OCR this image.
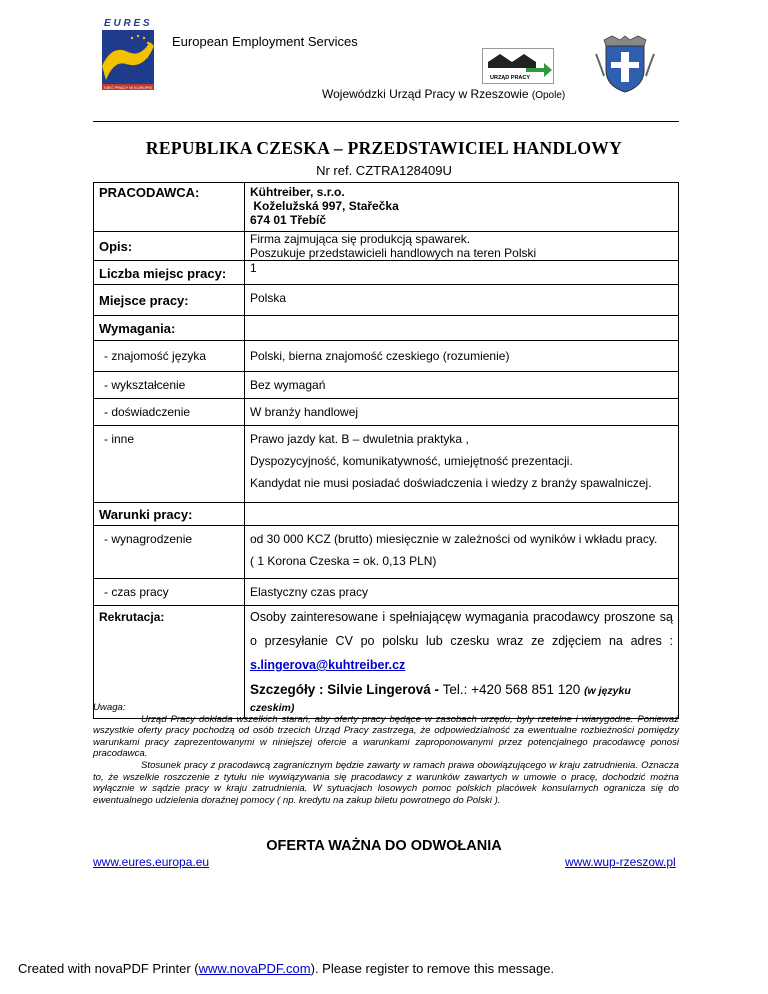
E U R E S
SIEĆ PRACY W EUROPIE
European Employment Services
URZĄD PRACY
Wojewódzki Urząd Pracy w Rzeszowie (Opole)
REPUBLIKA CZESKA – PRZEDSTAWICIEL HANDLOWY
Nr ref. CZTRA128409U
PRACODAWCA:	Kühtreiber, s.r.o.
Koželužská 997, Stařečka
674 01 Třebíč

Opis:	Firma zajmująca się produkcją spawarek.
Poszukuje przedstawicieli handlowych na teren Polski

Liczba miejsc pracy:	1
Miejsce pracy:	Polska
Wymagania:	
- znajomość języka	Polski, bierna znajomość czeskiego (rozumienie)
- wykształcenie	Bez wymagań
- doświadczenie	W branży handlowej
- inne	Prawo jazdy kat. B – dwuletnia praktyka ,
Dyspozycyjność, komunikatywność, umiejętność prezentacji.
Kandydat nie musi posiadać doświadczenia i wiedzy z branży spawalniczej.

Warunki pracy:	
- wynagrodzenie	od 30 000 KCZ (brutto) miesięcznie w zależności od wyników i wkładu pracy.
( 1 Korona Czeska = ok. 0,13 PLN)

- czas pracy	Elastyczny czas pracy
Rekrutacja:	Osoby zainteresowane i spełniającęw wymagania pracodawcy proszone są
o przesyłanie CV po polsku lub czesku wraz ze zdjęciem na adres :
s.lingerova@kuhtreiber.cz
Szczegóły : Silvie Lingerová - Tel.: +420 568 851 120 (w języku czeskim)

Uwaga:

Urząd Pracy dokłada wszelkich starań, aby oferty pracy będące w zasobach urzędu, były rzetelne i wiarygodne. Ponieważ wszystkie oferty pracy pochodzą od osób trzecich Urząd Pracy zastrzega, że odpowiedzialność za ewentualne rozbieżności pomiędzy warunkami pracy zaprezentowanymi w niniejszej ofercie a warunkami zaproponowanymi przez potencjalnego pracodawcę ponosi pracodawca.

Stosunek pracy z pracodawcą zagranicznym będzie zawarty w ramach prawa obowiązującego w kraju zatrudnienia. Oznacza to, że wszelkie roszczenie z tytułu nie wywiązywania się pracodawcy z warunków zawartych w umowie o pracę, dochodzić można wyłącznie w sądzie pracy w kraju zatrudnienia. W sytuacjach losowych pomoc polskich placówek konsularnych ogranicza się do ewentualnego udzielenia doraźnej pomocy ( np. kredytu na zakup biletu powrotnego do Polski ).

OFERTA WAŻNA DO ODWOŁANIA
www.eures.europa.eu	www.wup-rzeszow.pl
Created with novaPDF Printer (www.novaPDF.com). Please register to remove this message.
